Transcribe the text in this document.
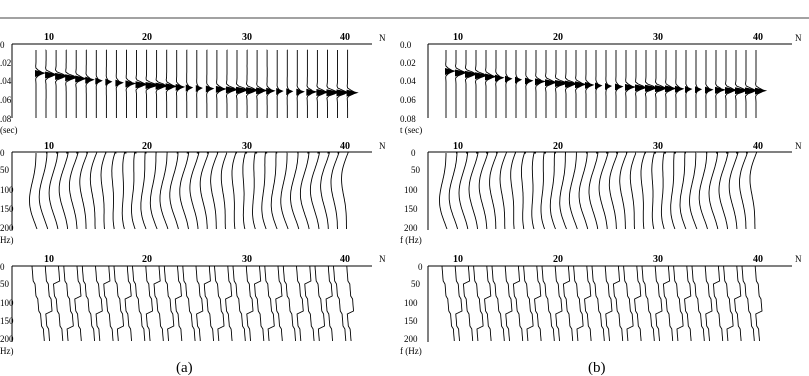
10	20	30	40	N
0
.02
.04
.06
.08
(sec)
10	20	30	40	N
0
50
100
150
200
Hz)
10	20	30	40	N
0
50
100
150
200
Hz)
(a)
10	20	30	40	N
0.0
0.02
0.04
0.06
0.08
t (sec)
10	20	30	40	N
0
50
100
150
200
f (Hz)
10	20	30	40	N
0
50
100
150
200
f (Hz)
(b)
